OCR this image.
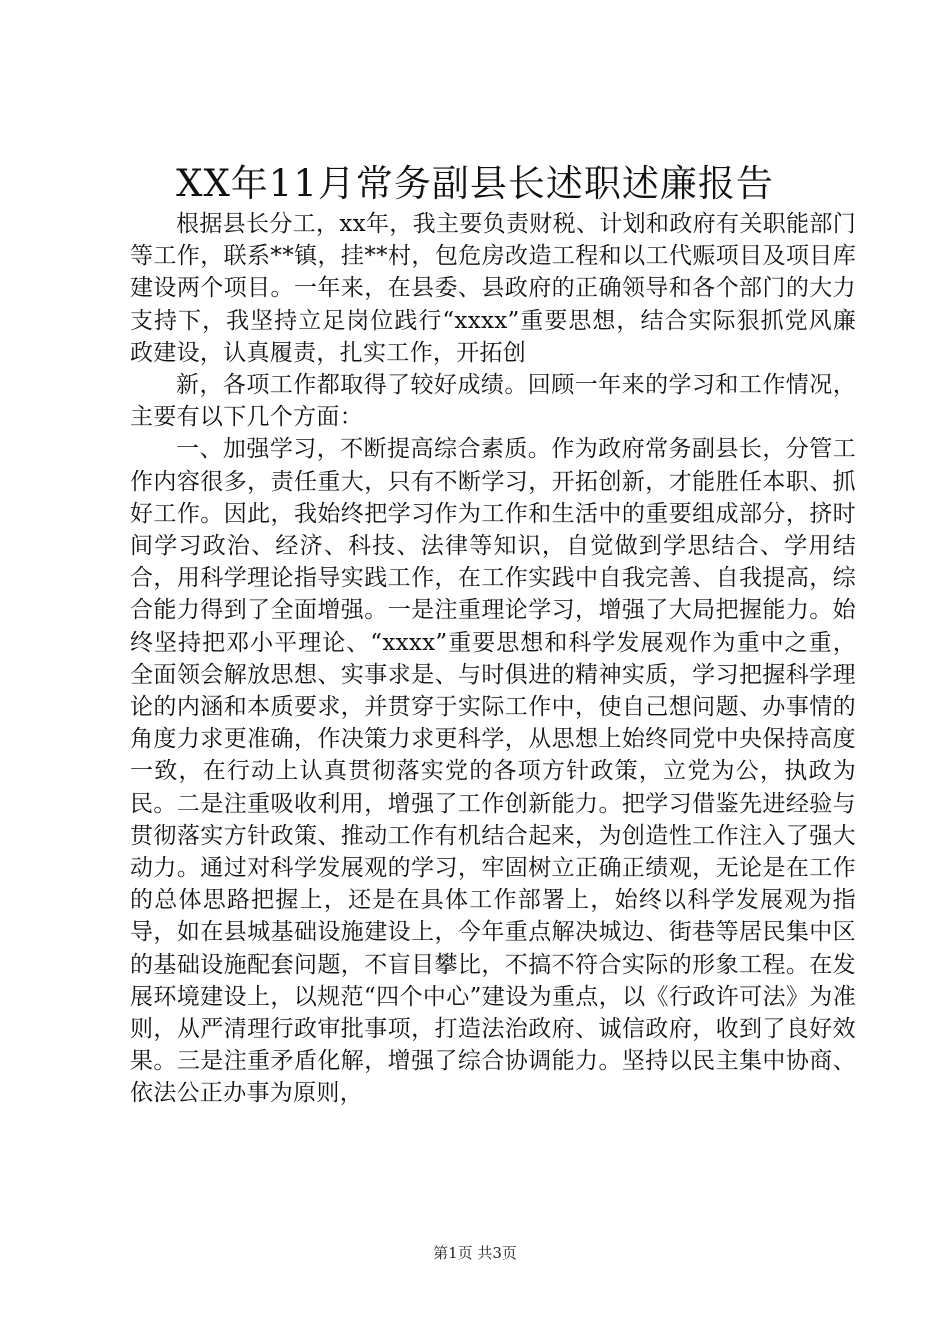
XX年11月常务副县长述职述廉报告

根据县长分工，xx年，我主要负责财税、计划和政府有关职能部门等工作，联系**镇，挂**村，包危房改造工程和以工代赈项目及项目库建设两个项目。一年来，在县委、县政府的正确领导和各个部门的大力支持下，我坚持立足岗位践行“xxxx”重要思想，结合实际狠抓党风廉政建设，认真履责，扎实工作，开拓创

新，各项工作都取得了较好成绩。回顾一年来的学习和工作情况，主要有以下几个方面：

一、加强学习，不断提高综合素质。作为政府常务副县长，分管工作内容很多，责任重大，只有不断学习，开拓创新，才能胜任本职、抓好工作。因此，我始终把学习作为工作和生活中的重要组成部分，挤时间学习政治、经济、科技、法律等知识，自觉做到学思结合、学用结合，用科学理论指导实践工作，在工作实践中自我完善、自我提高，综合能力得到了全面增强。一是注重理论学习，增强了大局把握能力。始终坚持把邓小平理论、“xxxx”重要思想和科学发展观作为重中之重，全面领会解放思想、实事求是、与时俱进的精神实质，学习把握科学理论的内涵和本质要求，并贯穿于实际工作中，使自己想问题、办事情的角度力求更准确，作决策力求更科学，从思想上始终同党中央保持高度一致，在行动上认真贯彻落实党的各项方针政策，立党为公，执政为民。二是注重吸收利用，增强了工作创新能力。把学习借鉴先进经验与贯彻落实方针政策、推动工作有机结合起来，为创造性工作注入了强大动力。通过对科学发展观的学习，牢固树立正确正绩观，无论是在工作的总体思路把握上，还是在具体工作部署上，始终以科学发展观为指导，如在县城基础设施建设上，今年重点解决城边、街巷等居民集中区的基础设施配套问题，不盲目攀比，不搞不符合实际的形象工程。在发展环境建设上，以规范“四个中心”建设为重点，以《行政许可法》为准则，从严清理行政审批事项，打造法治政府、诚信政府，收到了良好效果。三是注重矛盾化解，增强了综合协调能力。坚持以民主集中协商、依法公正办事为原则，

第1页 共3页
